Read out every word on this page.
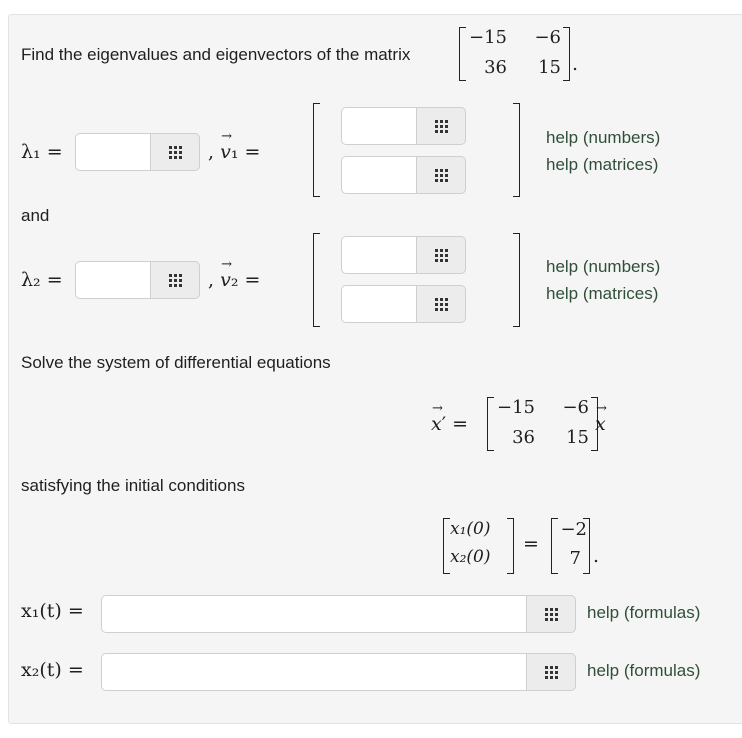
Find the eigenvalues and eigenvectors of the matrix
−15	−6
36	15 .
λ₁ =	, → v₁ =
help (numbers)
help (matrices)
and
λ₂ =	, → v₂ =
help (numbers)
help (matrices)
Solve the system of differential equations
→ x′ =
−15	−6
36	15
→ x
satisfying the initial conditions
x₁(0)
x₂(0)
=
−2
7 .
x₁(t) =	help (formulas)
x₂(t) =	help (formulas)
